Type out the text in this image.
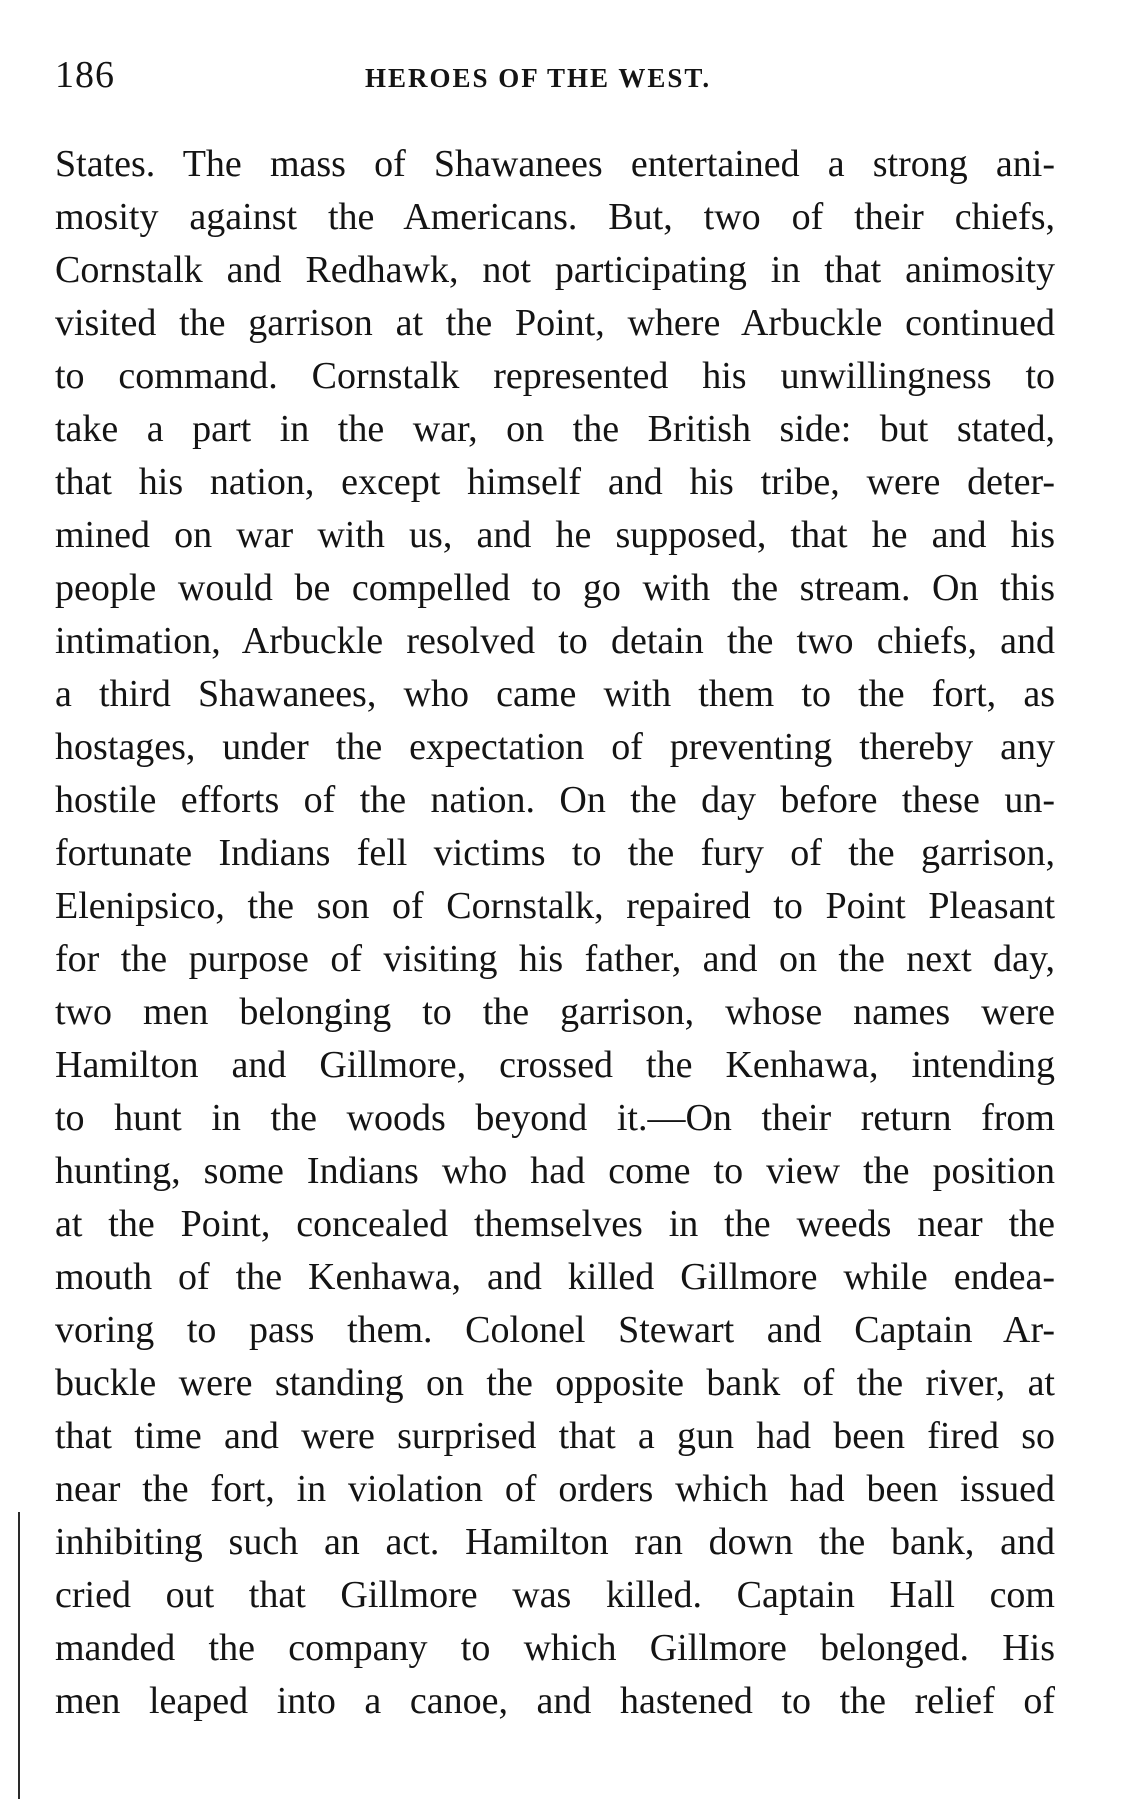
186	HEROES OF THE WEST.
States. The mass of Shawanees entertained a strong ani-
mosity against the Americans. But, two of their chiefs,
Cornstalk and Redhawk, not participating in that animosity
visited the garrison at the Point, where Arbuckle continued
to command. Cornstalk represented his unwillingness to
take a part in the war, on the British side: but stated,
that his nation, except himself and his tribe, were deter-
mined on war with us, and he supposed, that he and his
people would be compelled to go with the stream. On this
intimation, Arbuckle resolved to detain the two chiefs, and
a third Shawanees, who came with them to the fort, as
hostages, under the expectation of preventing thereby any
hostile efforts of the nation. On the day before these un-
fortunate Indians fell victims to the fury of the garrison,
Elenipsico, the son of Cornstalk, repaired to Point Pleasant
for the purpose of visiting his father, and on the next day,
two men belonging to the garrison, whose names were
Hamilton and Gillmore, crossed the Kenhawa, intending
to hunt in the woods beyond it.—On their return from
hunting, some Indians who had come to view the position
at the Point, concealed themselves in the weeds near the
mouth of the Kenhawa, and killed Gillmore while endea-
voring to pass them. Colonel Stewart and Captain Ar-
buckle were standing on the opposite bank of the river, at
that time and were surprised that a gun had been fired so
near the fort, in violation of orders which had been issued
inhibiting such an act. Hamilton ran down the bank, and
cried out that Gillmore was killed. Captain Hall com
manded the company to which Gillmore belonged. His
men leaped into a canoe, and hastened to the relief of
